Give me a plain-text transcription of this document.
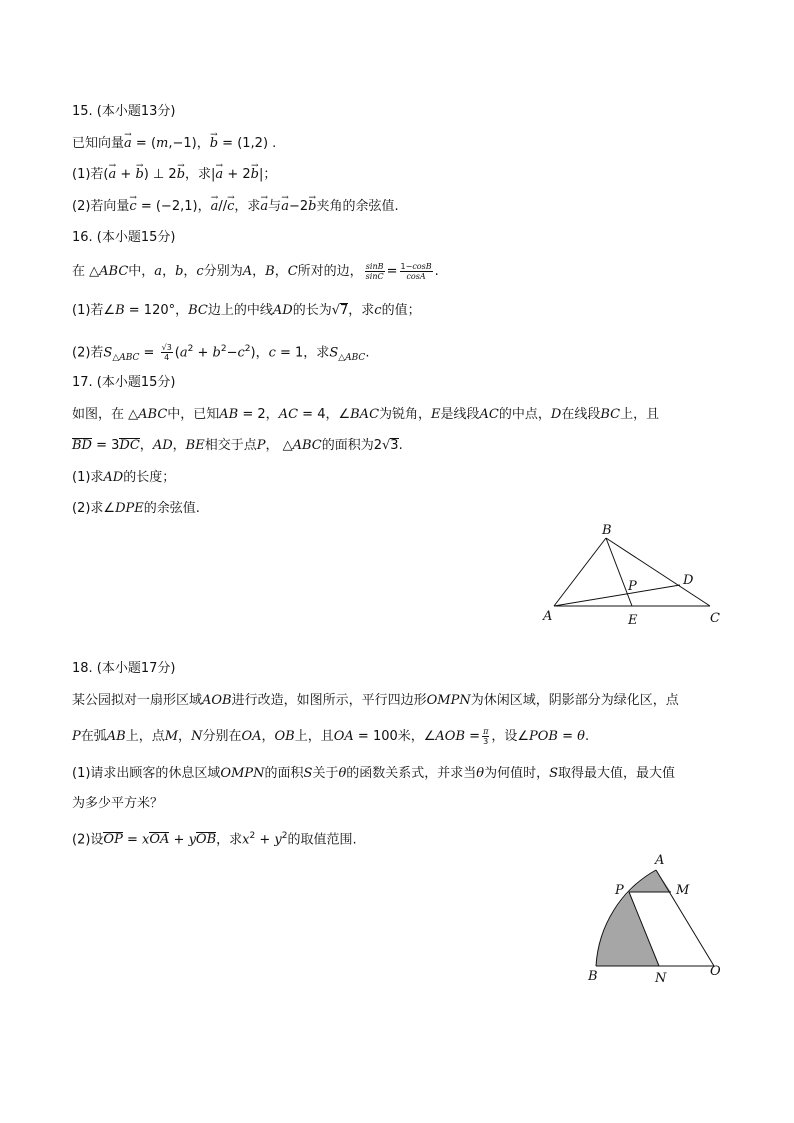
15. (本小题13分)
已知向量→ a = (m,−1)，→ b = (1,2) .
(1)若(→ a + → b) ⊥ 2→ b，求|→ a + 2→ b|；
(2)若向量→ c = (−2,1)，→ a//→ c，求→ a与→ a−2→ b夹角的余弦值.
16. (本小题15分)
在 △ABC中，a，b，c分别为A，B，C所对的边， $\frac{\sin B}{\sin C} = \frac{1-\cos B}{\cos A}$ .
(1)若∠B = 120°，BC边上的中线AD的长为√7，求c的值；
(2)若$S_{\triangle ABC} = \frac{√3}{4} (a^2 + b^2-c^2)$，c = 1，求$S_{\triangle ABC}$.
17. (本小题15分)
如图，在 △ABC中，已知AB = 2，AC = 4，∠BAC为锐角，E是线段AC的中点，D在线段BC上，且
BD = 3DC，AD，BE相交于点P， △ABC的面积为2√3.
(1)求AD的长度；
(2)求∠DPE的余弦值.
B
P	D
A	E	C
18. (本小题17分)
某公园拟对一扇形区域AOB进行改造，如图所示，平行四边形OMPN为休闲区域，阴影部分为绿化区，点
P在弧AB上，点M，N分别在OA，OB上，且OA = 100米，∠AOB = $\frac{\pi}{3}$ ，设∠POB = θ.
(1)请求出顾客的休息区域OMPN的面积S关于θ的函数关系式，并求当θ为何值时，S取得最大值，最大值
为多少平方米？
(2)设OP = xOA + yOB，求$x^2 + y^2$的取值范围.
A
P	M
B	N	O
